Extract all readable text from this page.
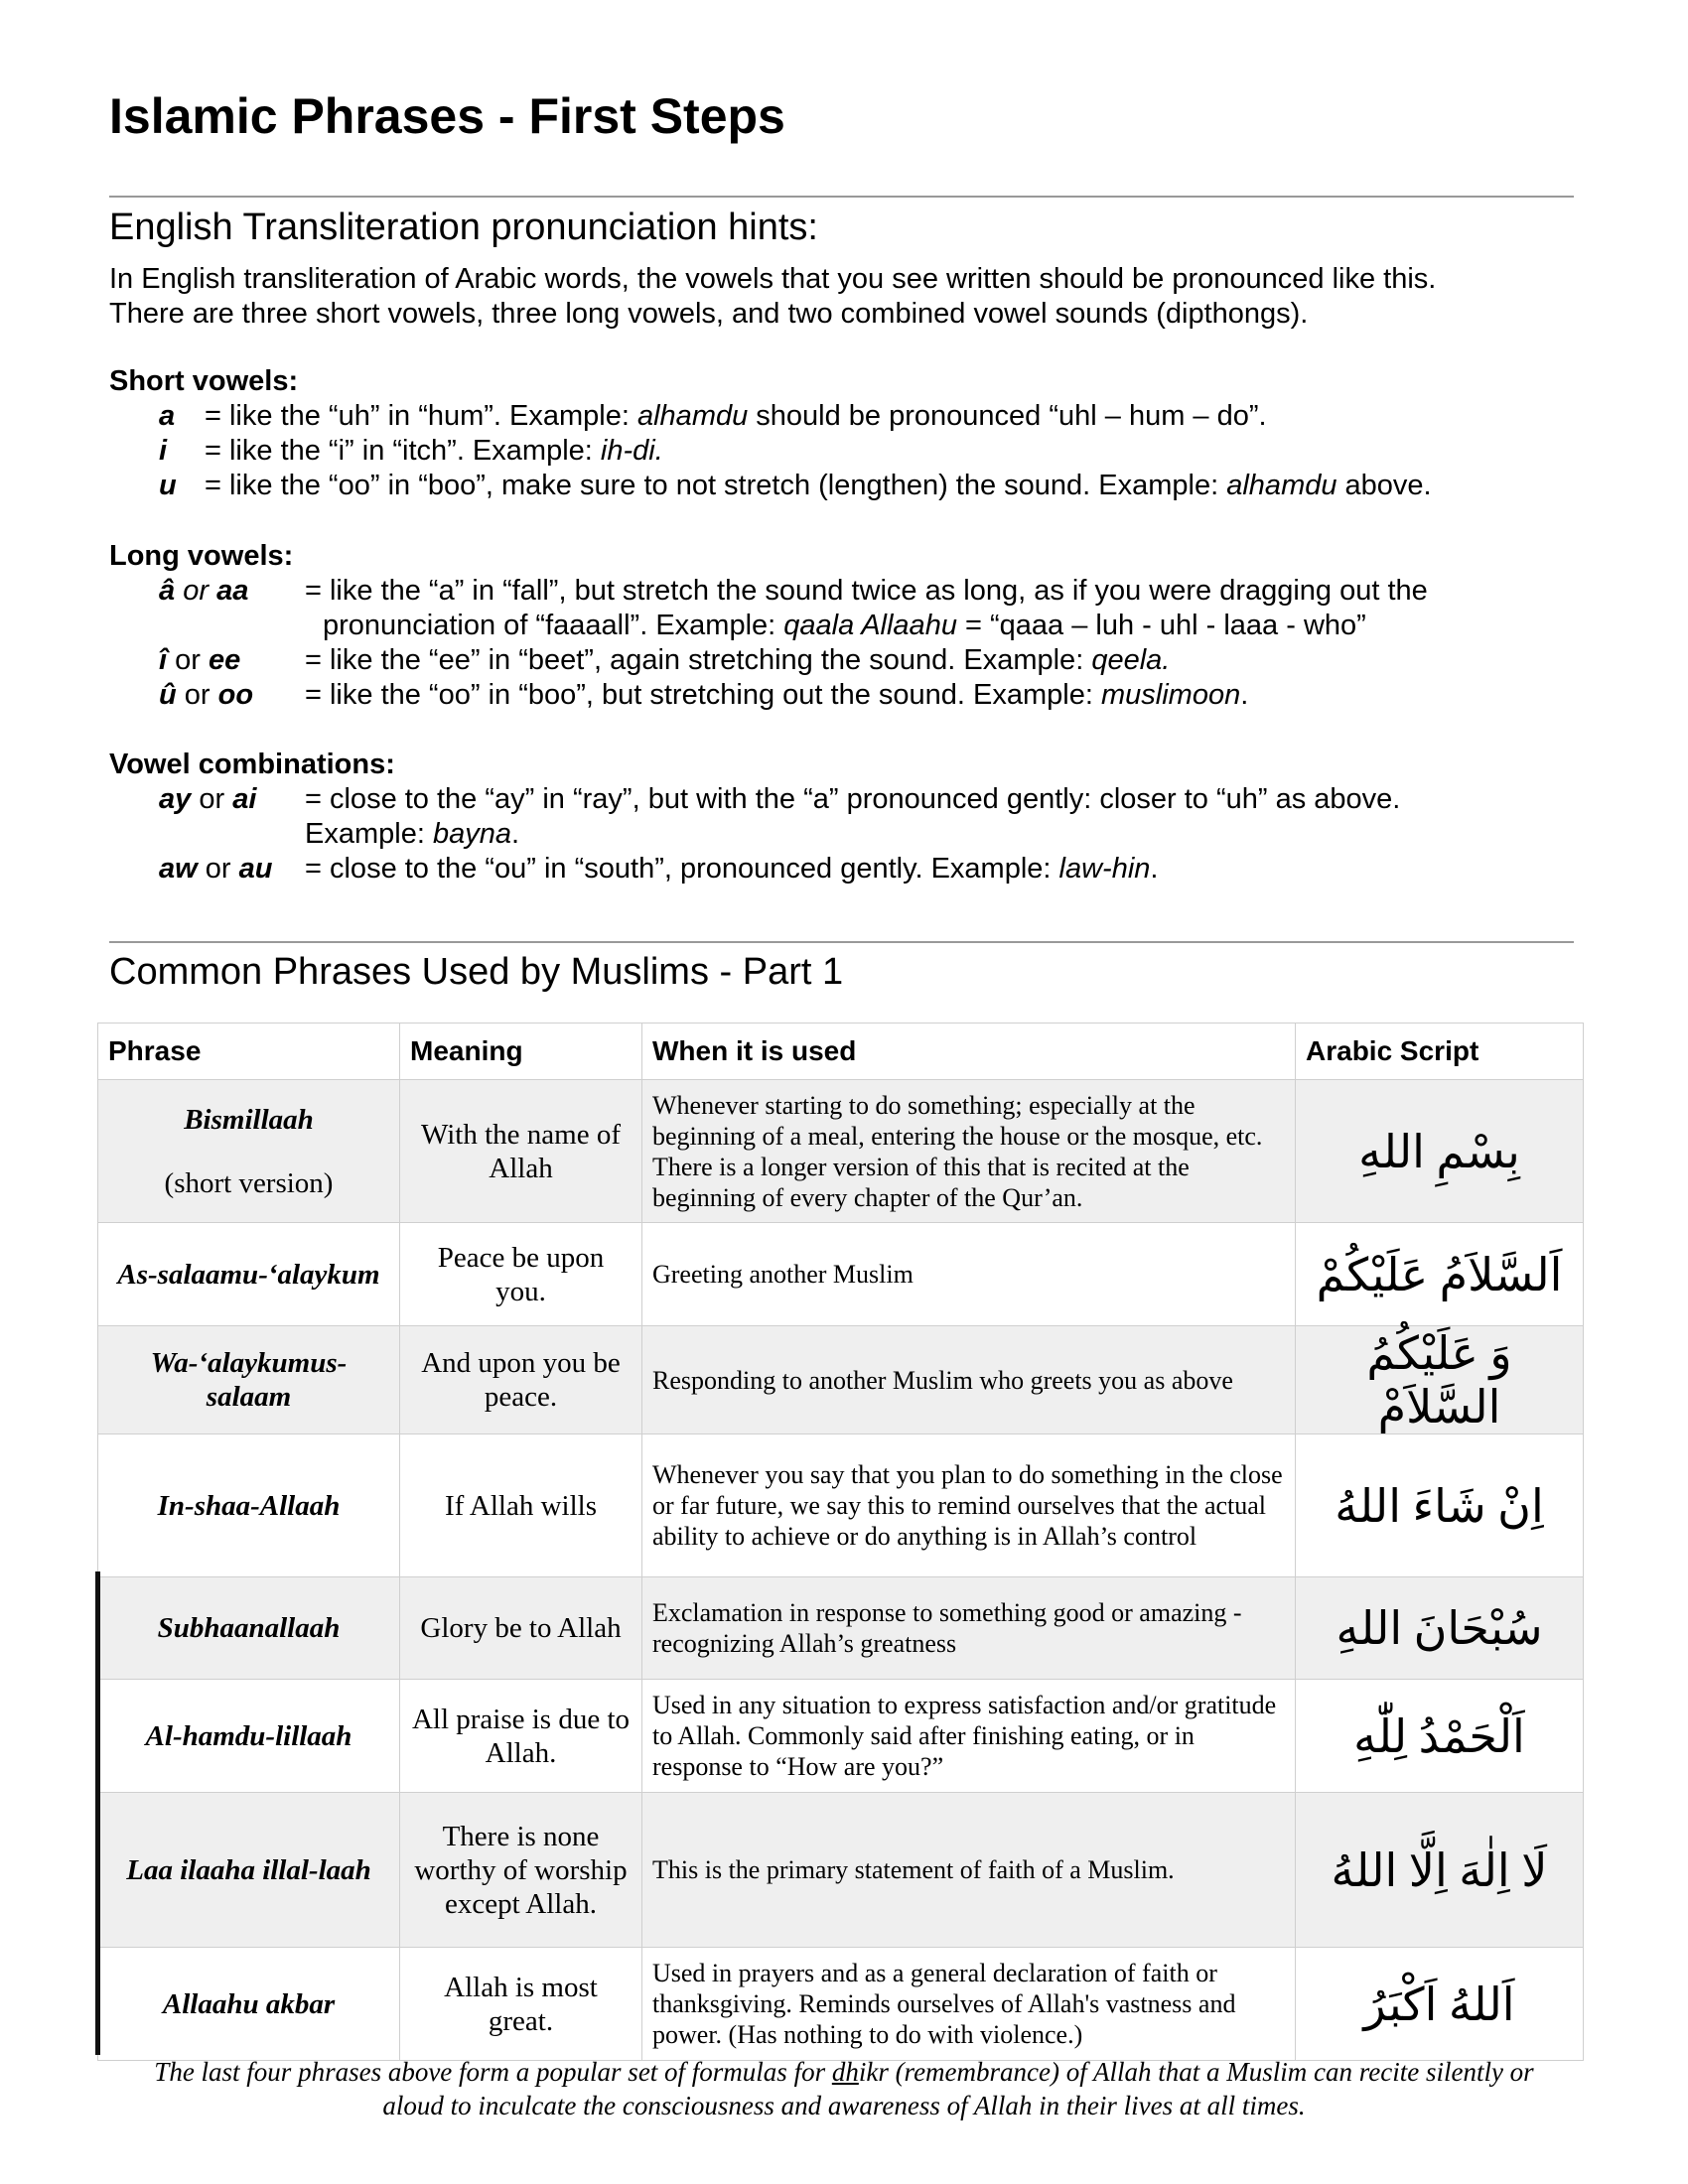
Islamic Phrases - First Steps
English Transliteration pronunciation hints:
In English transliteration of Arabic words, the vowels that you see written should be pronounced like this.
There are three short vowels, three long vowels, and two combined vowel sounds (dipthongs).
Short vowels:
a = like the “uh” in “hum”. Example: alhamdu should be pronounced “uhl – hum – do”.
i = like the “i” in “itch”. Example: ih-di.
u = like the “oo” in “boo”, make sure to not stretch (lengthen) the sound. Example: alhamdu above.
Long vowels:
â or aa = like the “a” in “fall”, but stretch the sound twice as long, as if you were dragging out the
pronunciation of “faaaall”. Example: qaala Allaahu = “qaaa – luh - uhl - laaa - who”
î or ee = like the “ee” in “beet”, again stretching the sound. Example: qeela.
û or oo = like the “oo” in “boo”, but stretching out the sound. Example: muslimoon.
Vowel combinations:
ay or ai = close to the “ay” in “ray”, but with the “a” pronounced gently: closer to “uh” as above.
Example: bayna.
aw or au = close to the “ou” in “south”, pronounced gently. Example: law-hin.
Common Phrases Used by Muslims - Part 1
Phrase	Meaning	When it is used	Arabic Script
Bismillaah
(short version)	With the name of Allah	Whenever starting to do something; especially at the beginning of a meal, entering the house or the mosque, etc. There is a longer version of this that is recited at the beginning of every chapter of the Qur’an.	بِسْمِ اللهِ
As-salaamu-‘alaykum	Peace be upon you.	Greeting another Muslim	اَلسَّلاَمُ عَلَيْكُمْ
Wa-‘alaykumus-salaam	And upon you be peace.	Responding to another Muslim who greets you as above	وَ عَلَيْكُمُ السَّلاَمْ
In-shaa-Allaah	If Allah wills	Whenever you say that you plan to do something in the close or far future, we say this to remind ourselves that the actual ability to achieve or do anything is in Allah’s control	اِنْ شَاءَ اللهُ
Subhaanallaah	Glory be to Allah	Exclamation in response to something good or amazing - recognizing Allah’s greatness	سُبْحَانَ اللهِ
Al-hamdu-lillaah	All praise is due to Allah.	Used in any situation to express satisfaction and/or gratitude to Allah. Commonly said after finishing eating, or in response to “How are you?”	اَلْحَمْدُ لِلّٰهِ
Laa ilaaha illal-laah	There is none worthy of worship except Allah.	This is the primary statement of faith of a Muslim.	لَا اِلٰهَ اِلَّا اللهُ
Allaahu akbar	Allah is most great.	Used in prayers and as a general declaration of faith or thanksgiving. Reminds ourselves of Allah's vastness and power. (Has nothing to do with violence.)	اَللهُ اَكْبَرُ
The last four phrases above form a popular set of formulas for dhikr (remembrance) of Allah that a Muslim can recite silently or
aloud to inculcate the consciousness and awareness of Allah in their lives at all times.
